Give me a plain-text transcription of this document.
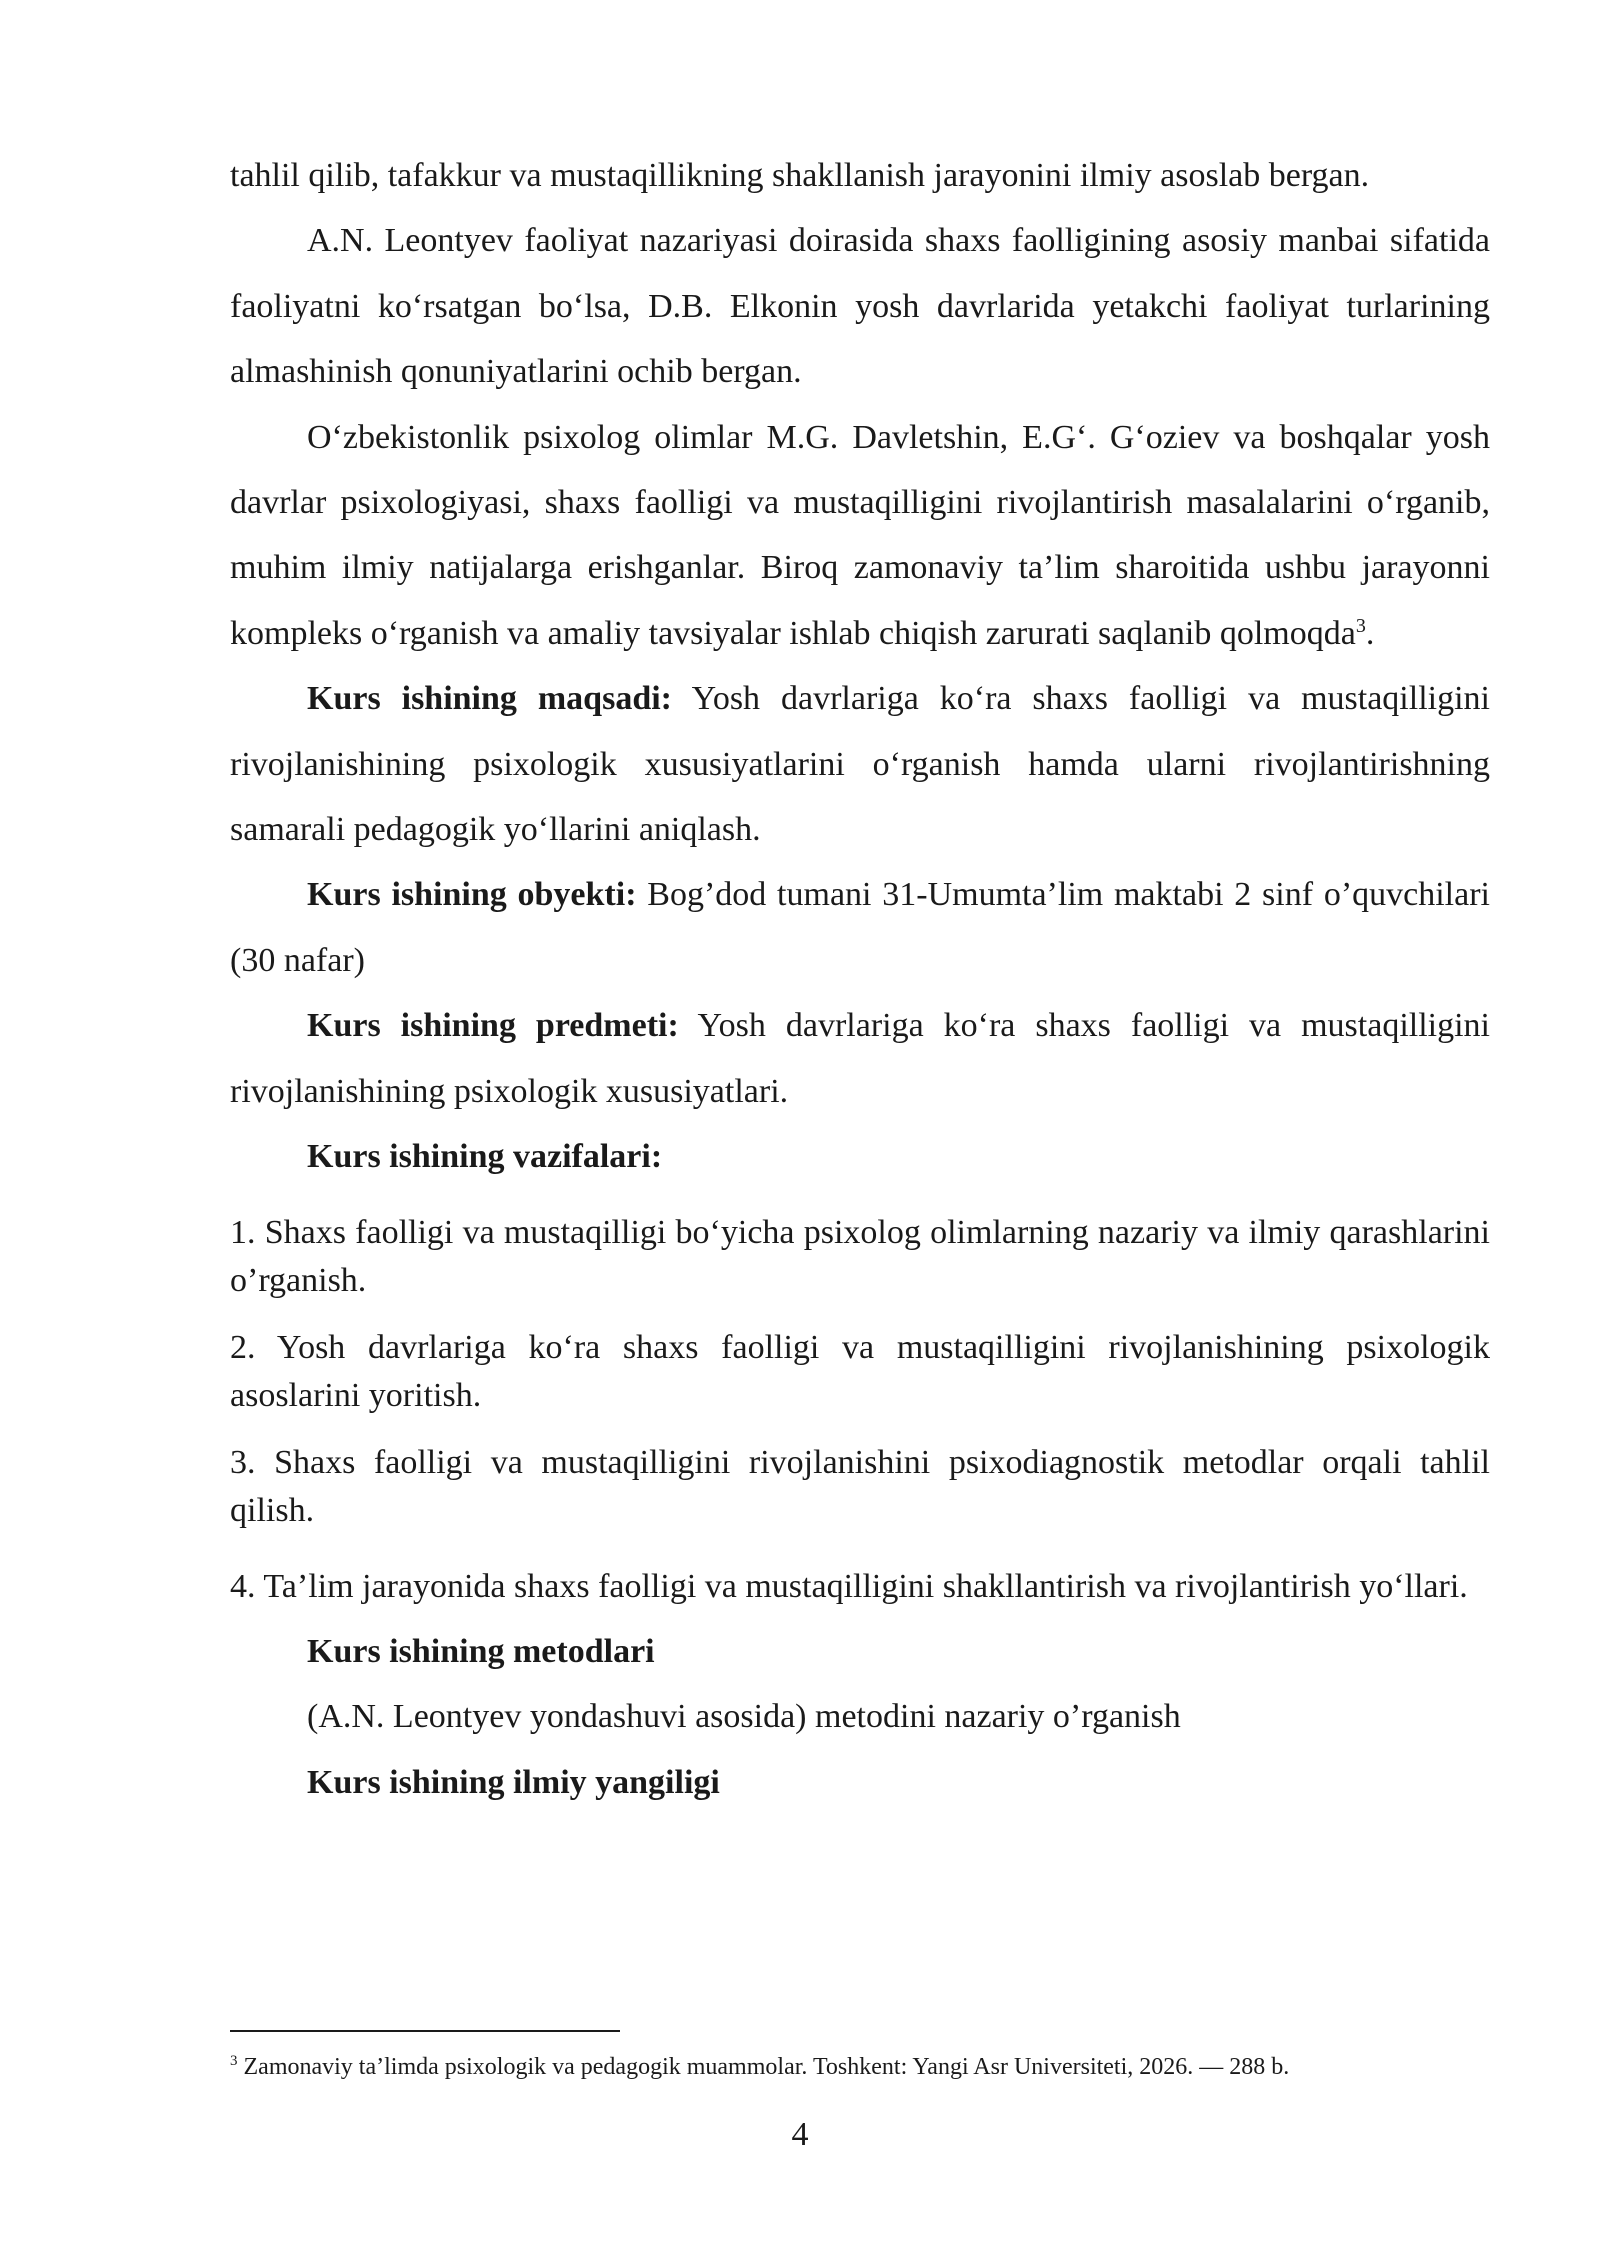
tahlil qilib, tafakkur va mustaqillikning shakllanish jarayonini ilmiy asoslab bergan.

A.N. Leontyev faoliyat nazariyasi doirasida shaxs faolligining asosiy manbai sifatida faoliyatni ko‘rsatgan bo‘lsa, D.B. Elkonin yosh davrlarida yetakchi faoliyat turlarining almashinish qonuniyatlarini ochib bergan.

O‘zbekistonlik psixolog olimlar M.G. Davletshin, E.G‘. G‘oziev va boshqalar yosh davrlar psixologiyasi, shaxs faolligi va mustaqilligini rivojlantirish masalalarini o‘rganib, muhim ilmiy natijalarga erishganlar. Biroq zamonaviy ta’lim sharoitida ushbu jarayonni kompleks o‘rganish va amaliy tavsiyalar ishlab chiqish zarurati saqlanib qolmoqda$^3$.

Kurs ishining maqsadi: Yosh davrlariga ko‘ra shaxs faolligi va mustaqilligini rivojlanishining psixologik xususiyatlarini o‘rganish hamda ularni rivojlantirishning samarali pedagogik yo‘llarini aniqlash.

Kurs ishining obyekti: Bog’dod tumani 31-Umumta’lim maktabi 2 sinf o’quvchilari (30 nafar)

Kurs ishining predmeti: Yosh davrlariga ko‘ra shaxs faolligi va mustaqilligini rivojlanishining psixologik xususiyatlari.

Kurs ishining vazifalari:

1. Shaxs faolligi va mustaqilligi bo‘yicha psixolog olimlarning nazariy va ilmiy qarashlarini o’rganish.

2. Yosh davrlariga ko‘ra shaxs faolligi va mustaqilligini rivojlanishining psixologik asoslarini yoritish.

3. Shaxs faolligi va mustaqilligini rivojlanishini psixodiagnostik metodlar orqali tahlil qilish.

4. Ta’lim jarayonida shaxs faolligi va mustaqilligini shakllantirish va rivojlantirish yo‘llari.

Kurs ishining metodlari

(A.N. Leontyev yondashuvi asosida) metodini nazariy o’rganish

Kurs ishining ilmiy yangiligi

$^3$ Zamonaviy ta’limda psixologik va pedagogik muammolar. Toshkent: Yangi Asr Universiteti, 2026. — 288 b.
4
